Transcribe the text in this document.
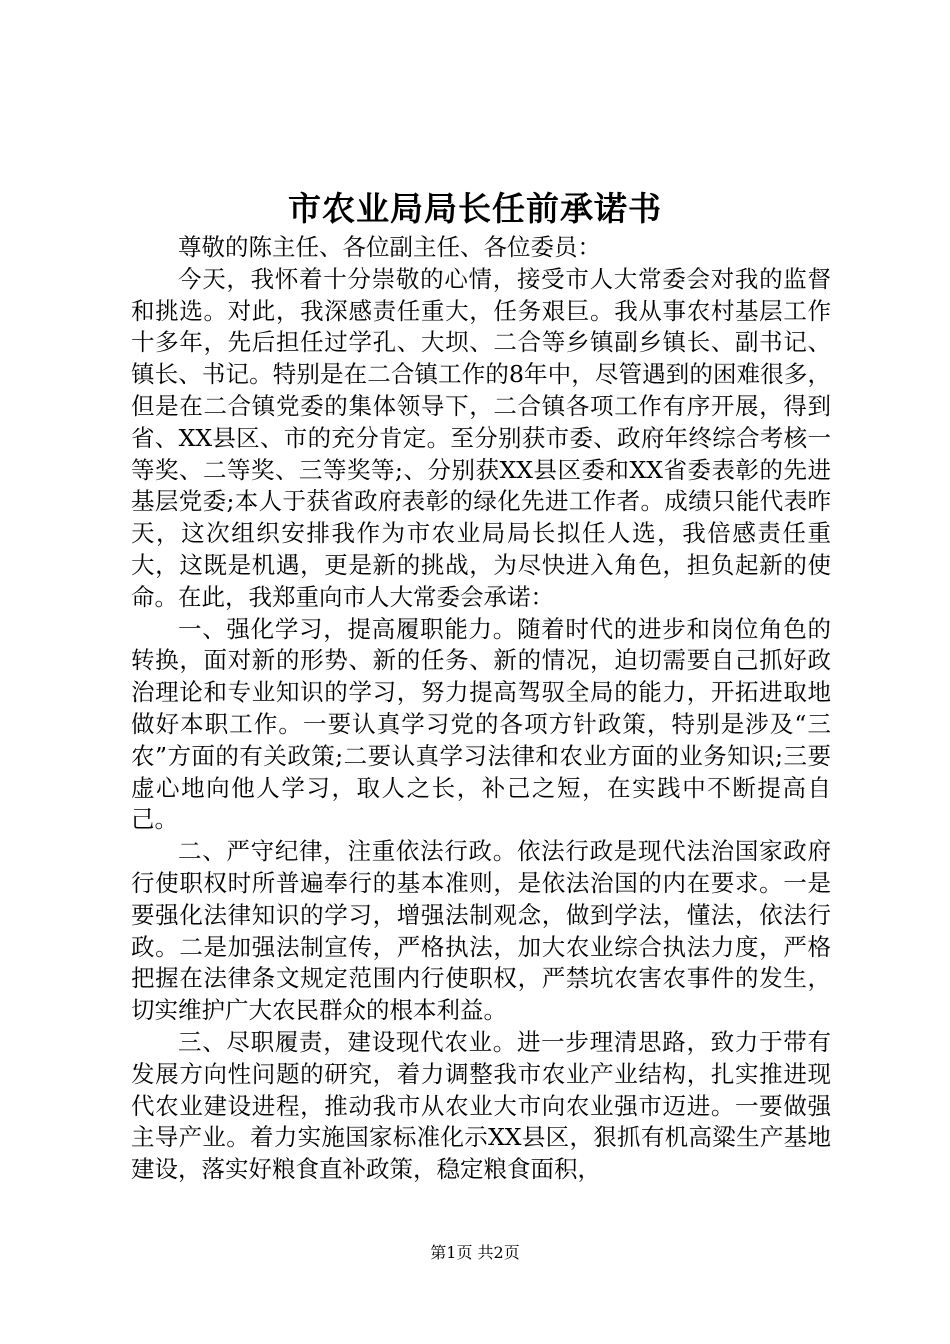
市农业局局长任前承诺书

尊敬的陈主任、各位副主任、各位委员：

今天，我怀着十分崇敬的心情，接受市人大常委会对我的监督和挑选。对此，我深感责任重大，任务艰巨。我从事农村基层工作十多年，先后担任过学孔、大坝、二合等乡镇副乡镇长、副书记、镇长、书记。特别是在二合镇工作的8年中，尽管遇到的困难很多，但是在二合镇党委的集体领导下，二合镇各项工作有序开展，得到省、XX县区、市的充分肯定。至分别获市委、政府年终综合考核一等奖、二等奖、三等奖等;、分别获XX县区委和XX省委表彰的先进基层党委;本人于获省政府表彰的绿化先进工作者。成绩只能代表昨天，这次组织安排我作为市农业局局长拟任人选，我倍感责任重大，这既是机遇，更是新的挑战，为尽快进入角色，担负起新的使命。在此，我郑重向市人大常委会承诺：

一、强化学习，提高履职能力。随着时代的进步和岗位角色的转换，面对新的形势、新的任务、新的情况，迫切需要自己抓好政治理论和专业知识的学习，努力提高驾驭全局的能力，开拓进取地做好本职工作。一要认真学习党的各项方针政策，特别是涉及“三农”方面的有关政策;二要认真学习法律和农业方面的业务知识;三要虚心地向他人学习，取人之长，补己之短，在实践中不断提高自己。

二、严守纪律，注重依法行政。依法行政是现代法治国家政府行使职权时所普遍奉行的基本准则，是依法治国的内在要求。一是要强化法律知识的学习，增强法制观念，做到学法，懂法，依法行政。二是加强法制宣传，严格执法，加大农业综合执法力度，严格把握在法律条文规定范围内行使职权，严禁坑农害农事件的发生，切实维护广大农民群众的根本利益。

三、尽职履责，建设现代农业。进一步理清思路，致力于带有发展方向性问题的研究，着力调整我市农业产业结构，扎实推进现代农业建设进程，推动我市从农业大市向农业强市迈进。一要做强主导产业。着力实施国家标准化示XX县区，狠抓有机高粱生产基地建设，落实好粮食直补政策，稳定粮食面积，

第1页 共2页
